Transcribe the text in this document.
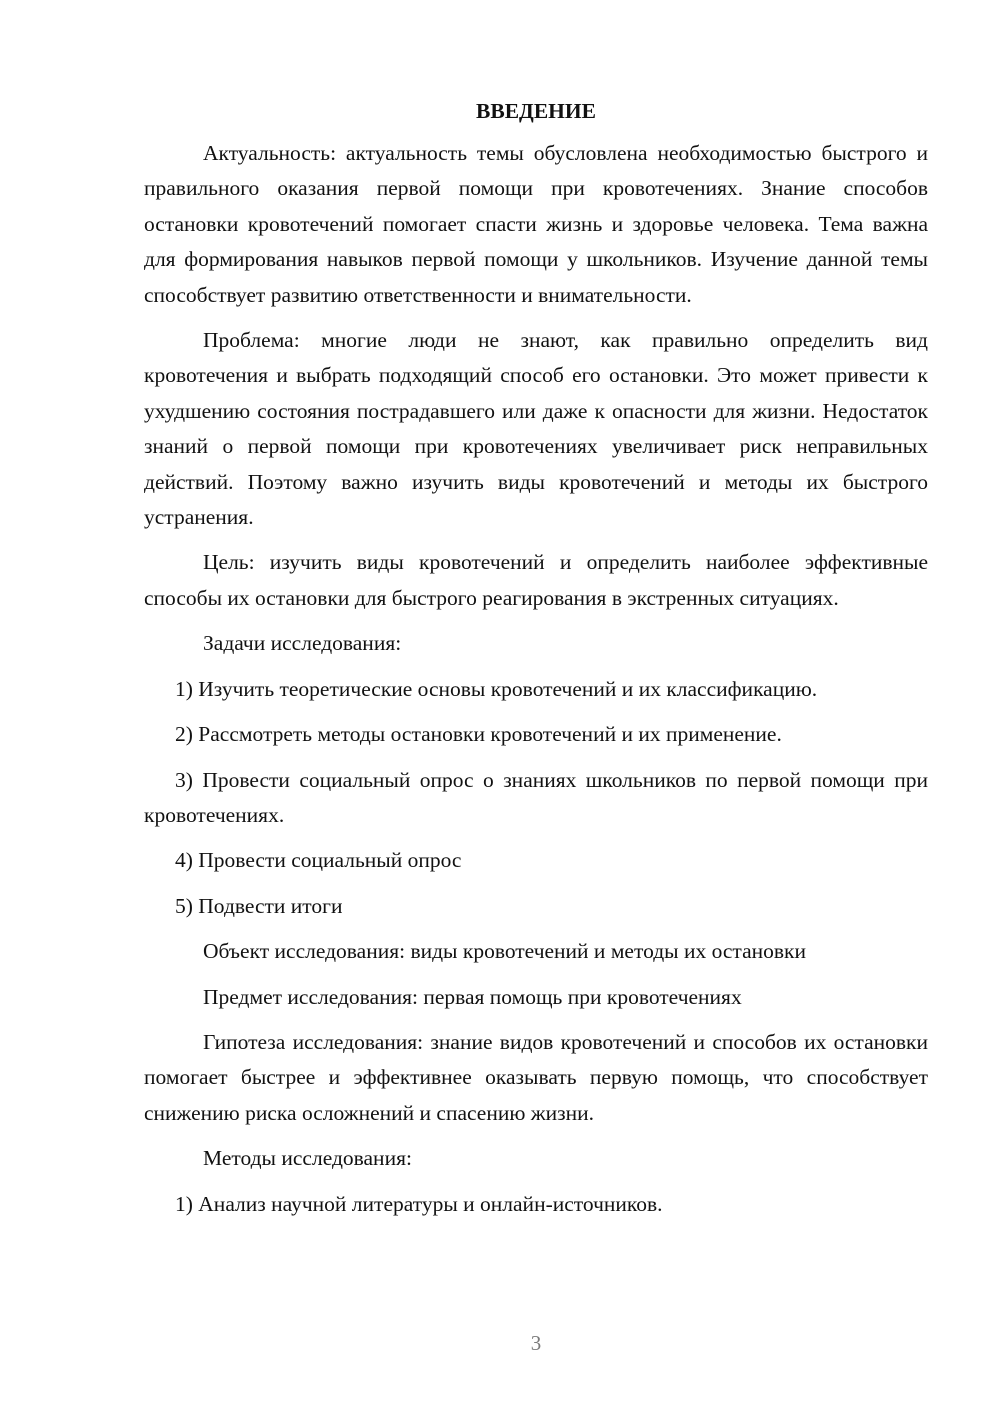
ВВЕДЕНИЕ

Актуальность: актуальность темы обусловлена необходимостью быстрого и правильного оказания первой помощи при кровотечениях. Знание способов остановки кровотечений помогает спасти жизнь и здоровье человека. Тема важна для формирования навыков первой помощи у школьников. Изучение данной темы способствует развитию ответственности и внимательности.

Проблема: многие люди не знают, как правильно определить вид кровотечения и выбрать подходящий способ его остановки. Это может привести к ухудшению состояния пострадавшего или даже к опасности для жизни. Недостаток знаний о первой помощи при кровотечениях увеличивает риск неправильных действий. Поэтому важно изучить виды кровотечений и методы их быстрого устранения.

Цель: изучить виды кровотечений и определить наиболее эффективные способы их остановки для быстрого реагирования в экстренных ситуациях.

Задачи исследования:

1) Изучить теоретические основы кровотечений и их классификацию.

2) Рассмотреть методы остановки кровотечений и их применение.

3) Провести социальный опрос о знаниях школьников по первой помощи при кровотечениях.

4) Провести социальный опрос

5) Подвести итоги

Объект исследования: виды кровотечений и методы их остановки

Предмет исследования: первая помощь при кровотечениях

Гипотеза исследования: знание видов кровотечений и способов их остановки помогает быстрее и эффективнее оказывать первую помощь, что способствует снижению риска осложнений и спасению жизни.

Методы исследования:

1) Анализ научной литературы и онлайн-источников.

3
